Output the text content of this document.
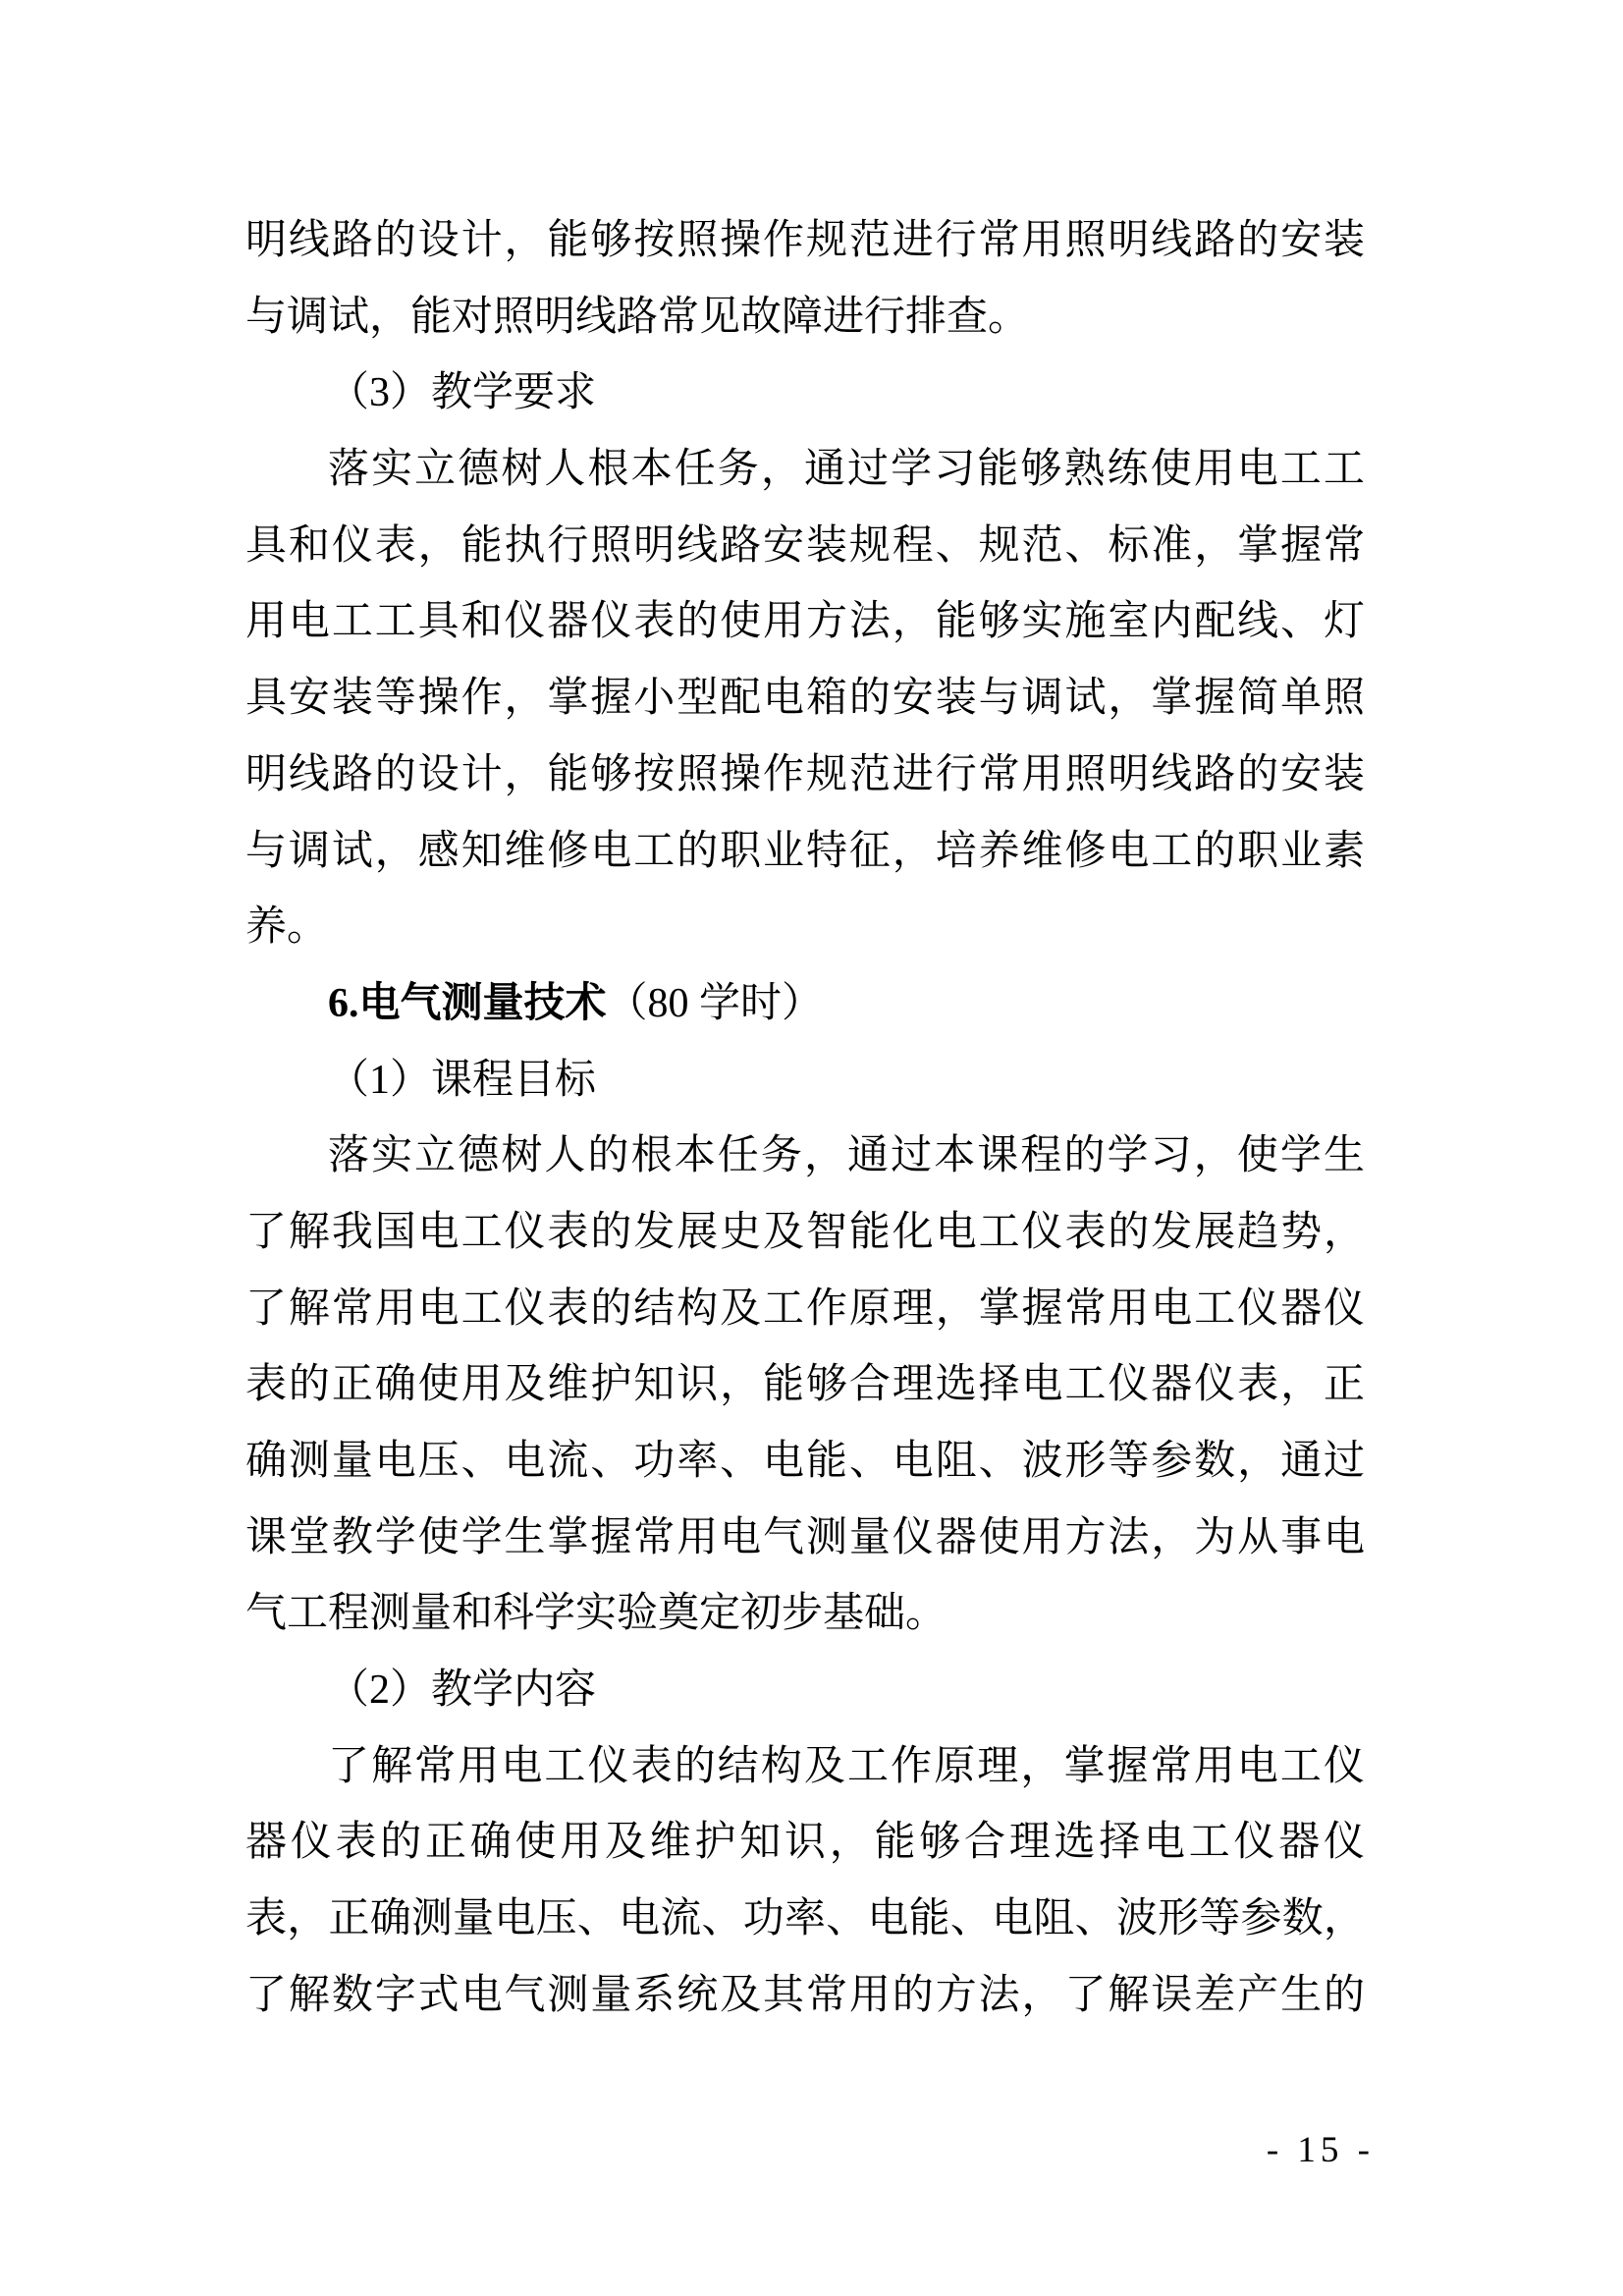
明线路的设计，能够按照操作规范进行常用照明线路的安装
与调试，能对照明线路常见故障进行排查。
（3）教学要求
落实立德树人根本任务，通过学习能够熟练使用电工工
具和仪表，能执行照明线路安装规程、规范、标准，掌握常
用电工工具和仪器仪表的使用方法，能够实施室内配线、灯
具安装等操作，掌握小型配电箱的安装与调试，掌握简单照
明线路的设计，能够按照操作规范进行常用照明线路的安装
与调试，感知维修电工的职业特征，培养维修电工的职业素
养。
6.电气测量技术（80 学时）
（1）课程目标
落实立德树人的根本任务，通过本课程的学习，使学生
了解我国电工仪表的发展史及智能化电工仪表的发展趋势，
了解常用电工仪表的结构及工作原理，掌握常用电工仪器仪
表的正确使用及维护知识，能够合理选择电工仪器仪表，正
确测量电压、电流、功率、电能、电阻、波形等参数，通过
课堂教学使学生掌握常用电气测量仪器使用方法，为从事电
气工程测量和科学实验奠定初步基础。
（2）教学内容
了解常用电工仪表的结构及工作原理，掌握常用电工仪
器仪表的正确使用及维护知识，能够合理选择电工仪器仪
表，正确测量电压、电流、功率、电能、电阻、波形等参数，
了解数字式电气测量系统及其常用的方法，了解误差产生的
- 15 -
